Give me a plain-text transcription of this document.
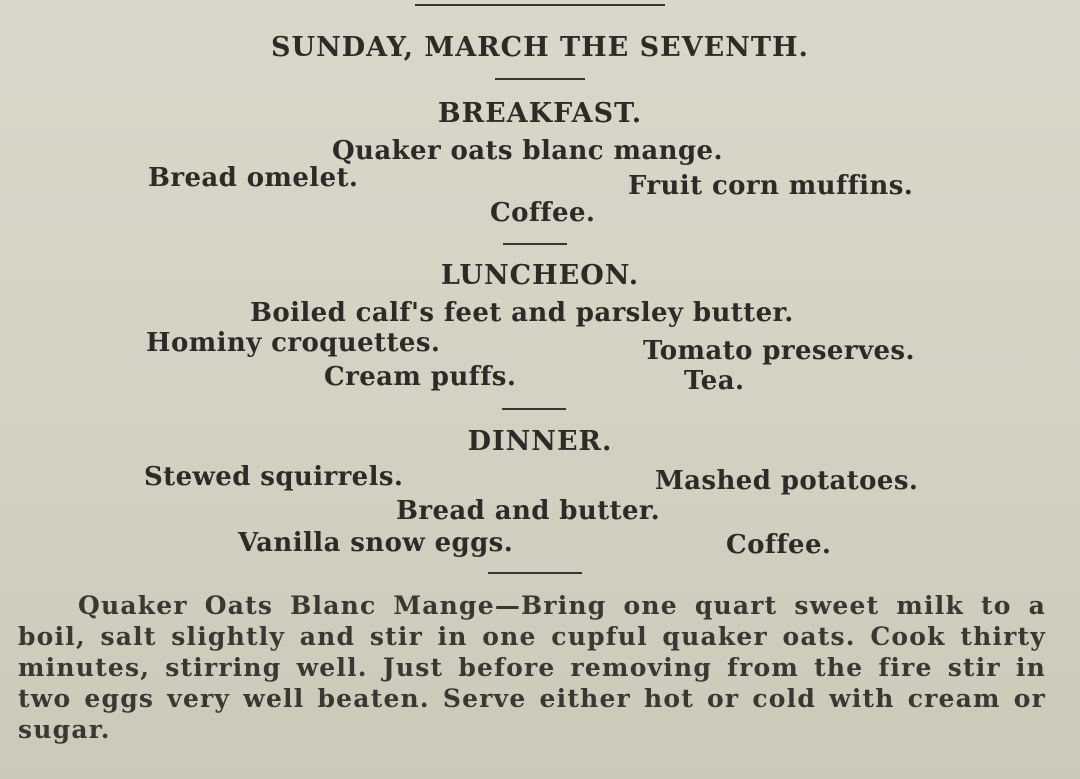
SUNDAY, MARCH THE SEVENTH.
BREAKFAST.
Quaker oats blanc mange.
Bread omelet.	Fruit corn muffins.
Coffee.
LUNCHEON.
Boiled calf's feet and parsley butter.
Hominy croquettes.	Tomato preserves.
Cream puffs.	Tea.
DINNER.
Stewed squirrels.	Mashed potatoes.
Bread and butter.
Vanilla snow eggs.	Coffee.

Quaker Oats Blanc Mange—Bring one quart sweet milk to a boil, salt slightly and stir in one cupful quaker oats. Cook thirty minutes, stirring well. Just before removing from the fire stir in two eggs very well beaten. Serve either hot or cold with cream or sugar.
